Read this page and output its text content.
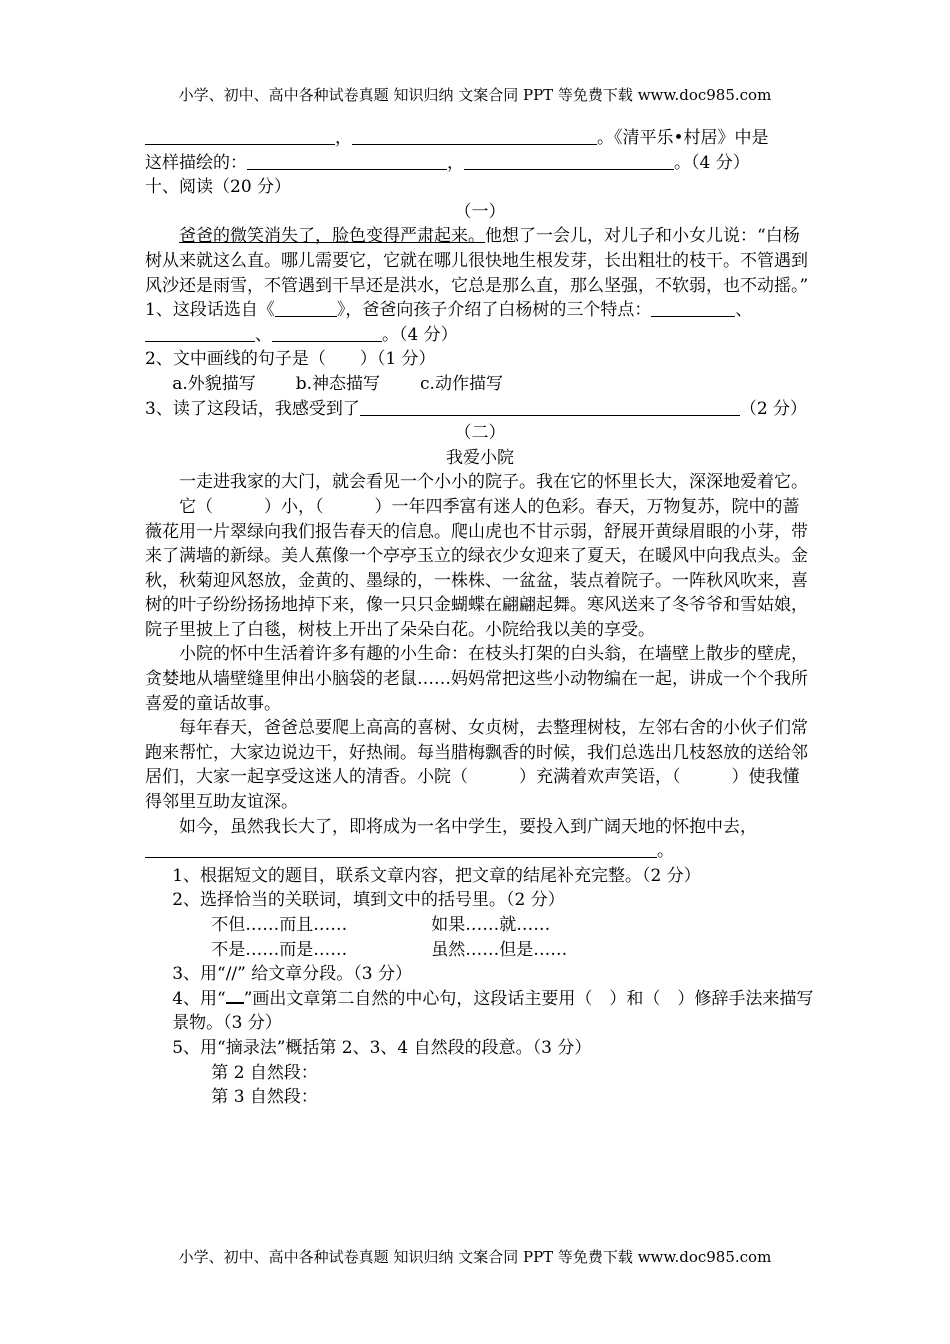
小学、初中、高中各种试卷真题 知识归纳 文案合同 PPT 等免费下载 www.doc985.com

，	。《清平乐•村居》中是

这样描绘的：	，	。（4 分）

十、阅读（20 分）

（一）

爸爸的微笑消失了，脸色变得严肃起来。他想了一会儿，对儿子和小女儿说：“白杨树从来就这么直。哪儿需要它，它就在哪儿很快地生根发芽，长出粗壮的枝干。不管遇到风沙还是雨雪，不管遇到干旱还是洪水，它总是那么直，那么坚强，不软弱，也不动摇。”

1、这段话选自《	》，爸爸向孩子介绍了白杨树的三个特点：	、
、	。（4 分）

2、文中画线的句子是（　　）（1 分）

a.外貌描写 b.神态描写 c.动作描写

3、读了这段话，我感受到了	（2 分）

（二）

我爱小院

一走进我家的大门，就会看见一个小小的院子。我在它的怀里长大，深深地爱着它。

它（　　　）小，（　　　）一年四季富有迷人的色彩。春天，万物复苏，院中的蔷薇花用一片翠绿向我们报告春天的信息。爬山虎也不甘示弱，舒展开黄绿眉眼的小芽，带来了满墙的新绿。美人蕉像一个亭亭玉立的绿衣少女迎来了夏天，在暖风中向我点头。金秋，秋菊迎风怒放，金黄的、墨绿的，一株株、一盆盆，装点着院子。一阵秋风吹来，喜树的叶子纷纷扬扬地掉下来，像一只只金蝴蝶在翩翩起舞。寒风送来了冬爷爷和雪姑娘，院子里披上了白毯，树枝上开出了朵朵白花。小院给我以美的享受。

小院的怀中生活着许多有趣的小生命：在枝头打架的白头翁，在墙壁上散步的壁虎，贪婪地从墙壁缝里伸出小脑袋的老鼠……妈妈常把这些小动物编在一起，讲成一个个我所喜爱的童话故事。

每年春天，爸爸总要爬上高高的喜树、女贞树，去整理树枝，左邻右舍的小伙子们常跑来帮忙，大家边说边干，好热闹。每当腊梅飘香的时候，我们总选出几枝怒放的送给邻居们，大家一起享受这迷人的清香。小院（　　　）充满着欢声笑语，（　　　）使我懂得邻里互助友谊深。

如今，虽然我长大了，即将成为一名中学生，要投入到广阔天地的怀抱中去，。

1、根据短文的题目，联系文章内容，把文章的结尾补充完整。（2 分）

2、选择恰当的关联词，填到文中的括号里。（2 分）

不但……而且……	如果……就……

不是……而是……	虽然……但是……

3、用“//” 给文章分段。（3 分）

4、用“ ”画出文章第二自然的中心句，这段话主要用（　）和（　）修辞手法来描写景物。（3 分）

5、用“摘录法”概括第 2、3、4 自然段的段意。（3 分）

第 2 自然段：

第 3 自然段：

小学、初中、高中各种试卷真题 知识归纳 文案合同 PPT 等免费下载 www.doc985.com
